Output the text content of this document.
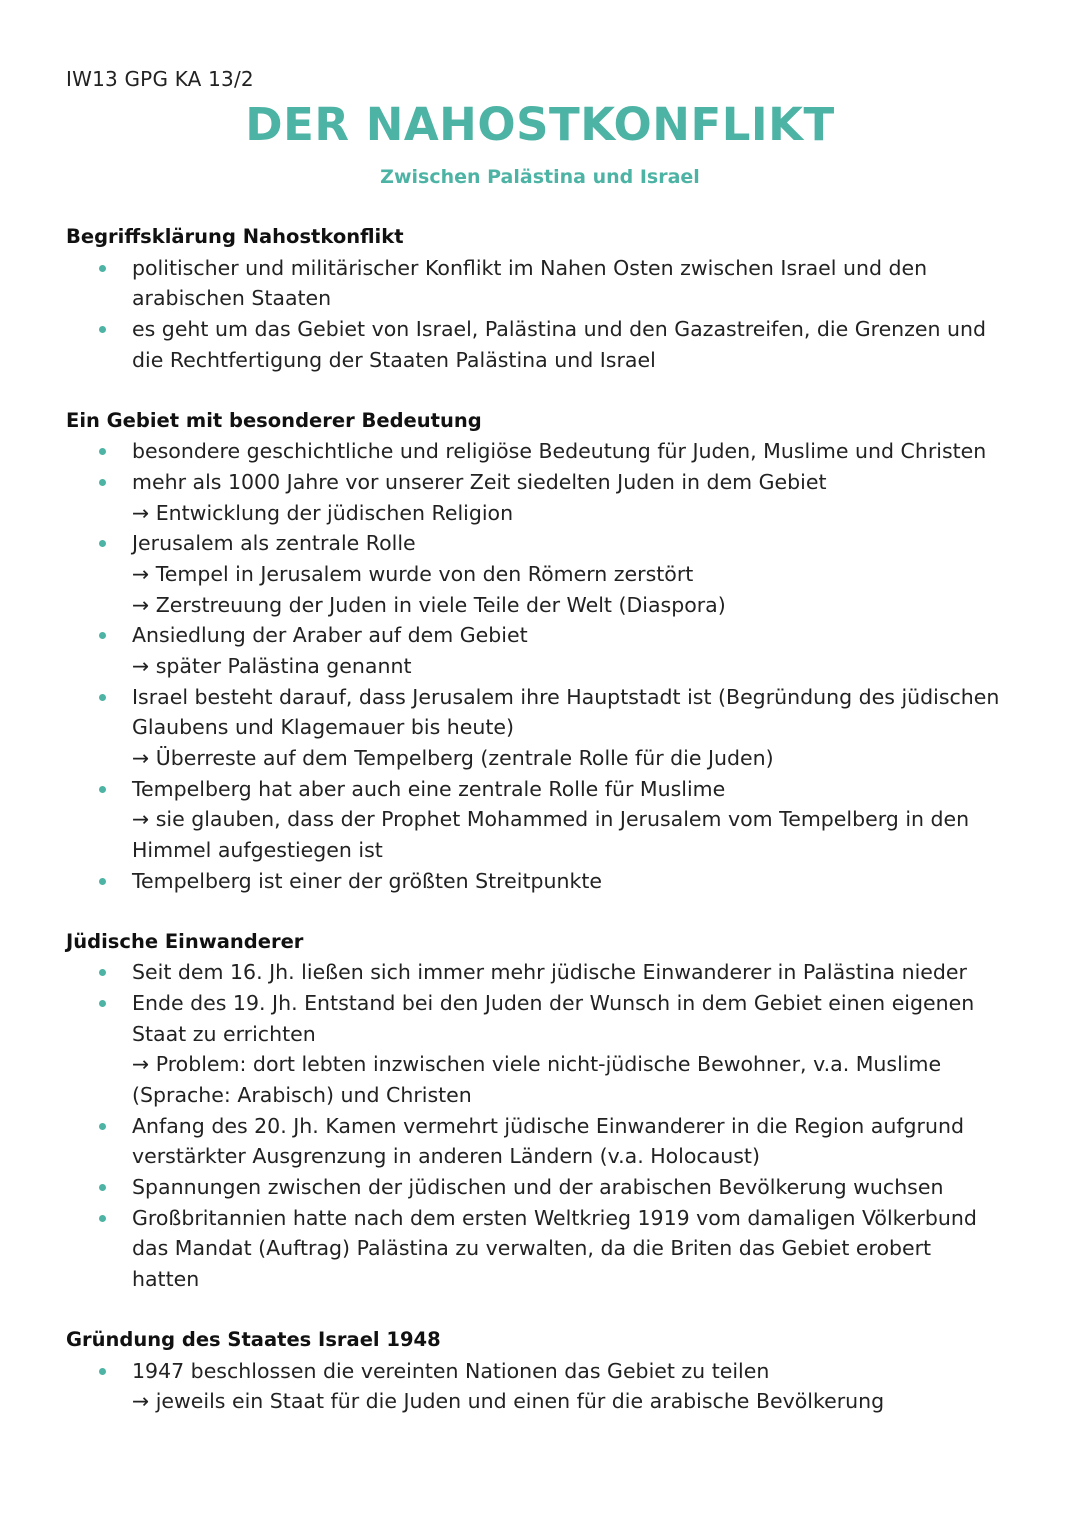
IW13 GPG KA 13/2
DER NAHOSTKONFLIKT
Zwischen Palästina und Israel
Begriffsklärung Nahostkonflikt
politischer und militärischer Konflikt im Nahen Osten zwischen Israel und den
arabischen Staaten
es geht um das Gebiet von Israel, Palästina und den Gazastreifen, die Grenzen und
die Rechtfertigung der Staaten Palästina und Israel
Ein Gebiet mit besonderer Bedeutung
besondere geschichtliche und religiöse Bedeutung für Juden, Muslime und Christen
mehr als 1000 Jahre vor unserer Zeit siedelten Juden in dem Gebiet
→ Entwicklung der jüdischen Religion
Jerusalem als zentrale Rolle
→ Tempel in Jerusalem wurde von den Römern zerstört
→ Zerstreuung der Juden in viele Teile der Welt (Diaspora)
Ansiedlung der Araber auf dem Gebiet
→ später Palästina genannt
Israel besteht darauf, dass Jerusalem ihre Hauptstadt ist (Begründung des jüdischen
Glaubens und Klagemauer bis heute)
→ Überreste auf dem Tempelberg (zentrale Rolle für die Juden)
Tempelberg hat aber auch eine zentrale Rolle für Muslime
→ sie glauben, dass der Prophet Mohammed in Jerusalem vom Tempelberg in den
Himmel aufgestiegen ist
Tempelberg ist einer der größten Streitpunkte
Jüdische Einwanderer
Seit dem 16. Jh. ließen sich immer mehr jüdische Einwanderer in Palästina nieder
Ende des 19. Jh. Entstand bei den Juden der Wunsch in dem Gebiet einen eigenen
Staat zu errichten
→ Problem: dort lebten inzwischen viele nicht-jüdische Bewohner, v.a. Muslime
(Sprache: Arabisch) und Christen
Anfang des 20. Jh. Kamen vermehrt jüdische Einwanderer in die Region aufgrund
verstärkter Ausgrenzung in anderen Ländern (v.a. Holocaust)
Spannungen zwischen der jüdischen und der arabischen Bevölkerung wuchsen
Großbritannien hatte nach dem ersten Weltkrieg 1919 vom damaligen Völkerbund
das Mandat (Auftrag) Palästina zu verwalten, da die Briten das Gebiet erobert
hatten
Gründung des Staates Israel 1948
1947 beschlossen die vereinten Nationen das Gebiet zu teilen
→ jeweils ein Staat für die Juden und einen für die arabische Bevölkerung
